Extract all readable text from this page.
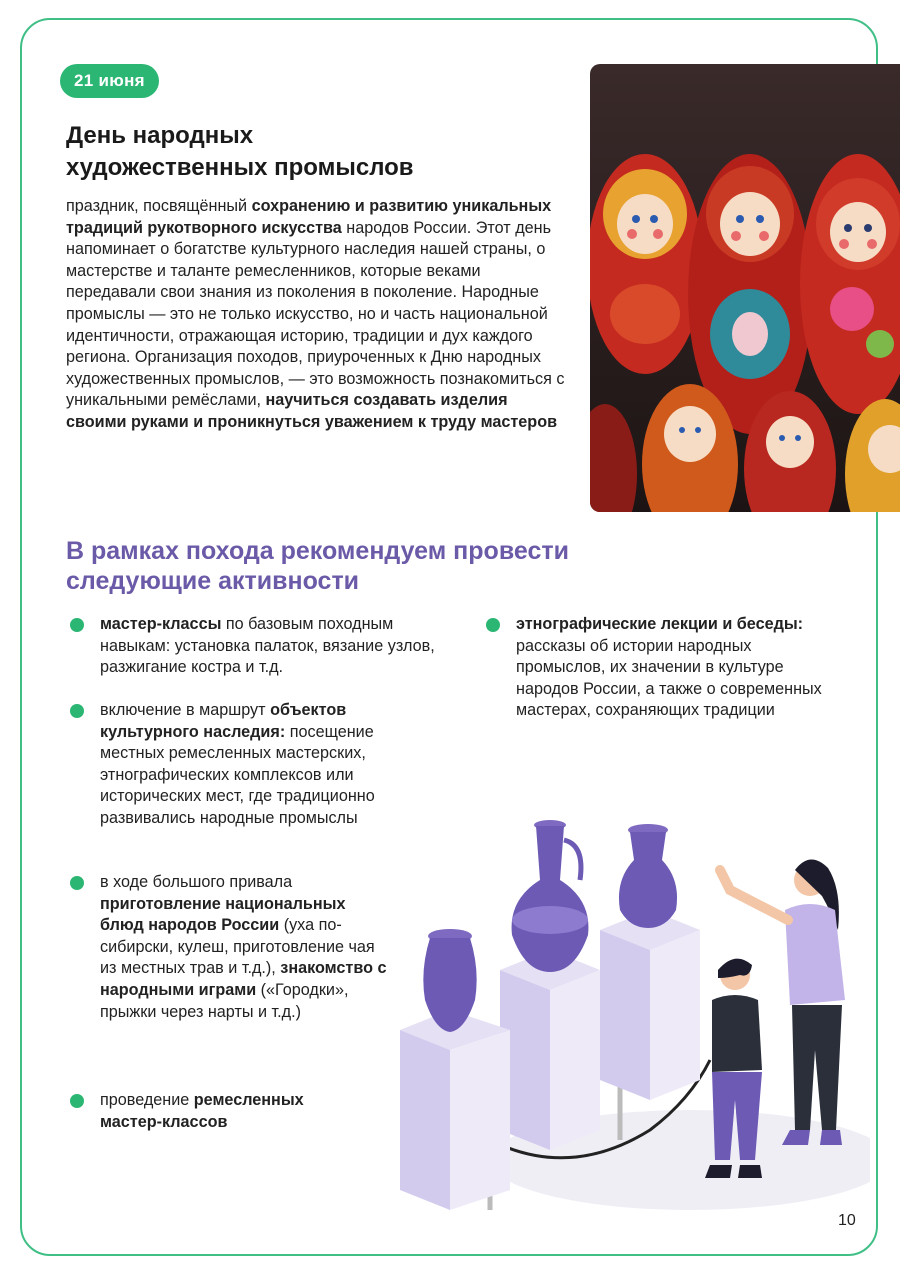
21 июня
День народных
художественных промыслов

праздник, посвящённый сохранению и развитию уникальных традиций рукотворного искусства народов России. Этот день напоминает о богатстве культурного наследия нашей страны, о мастерстве и таланте ремесленников, которые веками передавали свои знания из поколения в поколение. Народные промыслы — это не только искусство, но и часть национальной идентичности, отражающая историю, традиции и дух каждого региона. Организация походов, приуроченных к Дню народных художественных промыслов, — это возможность познакомиться с уникальными ремёслами, научиться создавать изделия своими руками и проникнуться уважением к труду мастеров

В рамках похода рекомендуем провести
следующие активности
мастер-классы по базовым походным навыкам: установка палаток, вязание узлов, разжигание костра и т.д.
включение в маршрут объектов культурного наследия: посещение местных ремесленных мастерских, этнографических комплексов или исторических мест, где традиционно развивались народные промыслы
в ходе большого привала приготовление национальных блюд народов России (уха по-сибирски, кулеш, приготовление чая из местных трав и т.д.), знакомство с народными играми («Городки», прыжки через нарты и т.д.)
проведение ремесленных мастер-классов
этнографические лекции и беседы: рассказы об истории народных промыслов, их значении в культуре народов России, а также о современных мастерах, сохраняющих традиции
10
